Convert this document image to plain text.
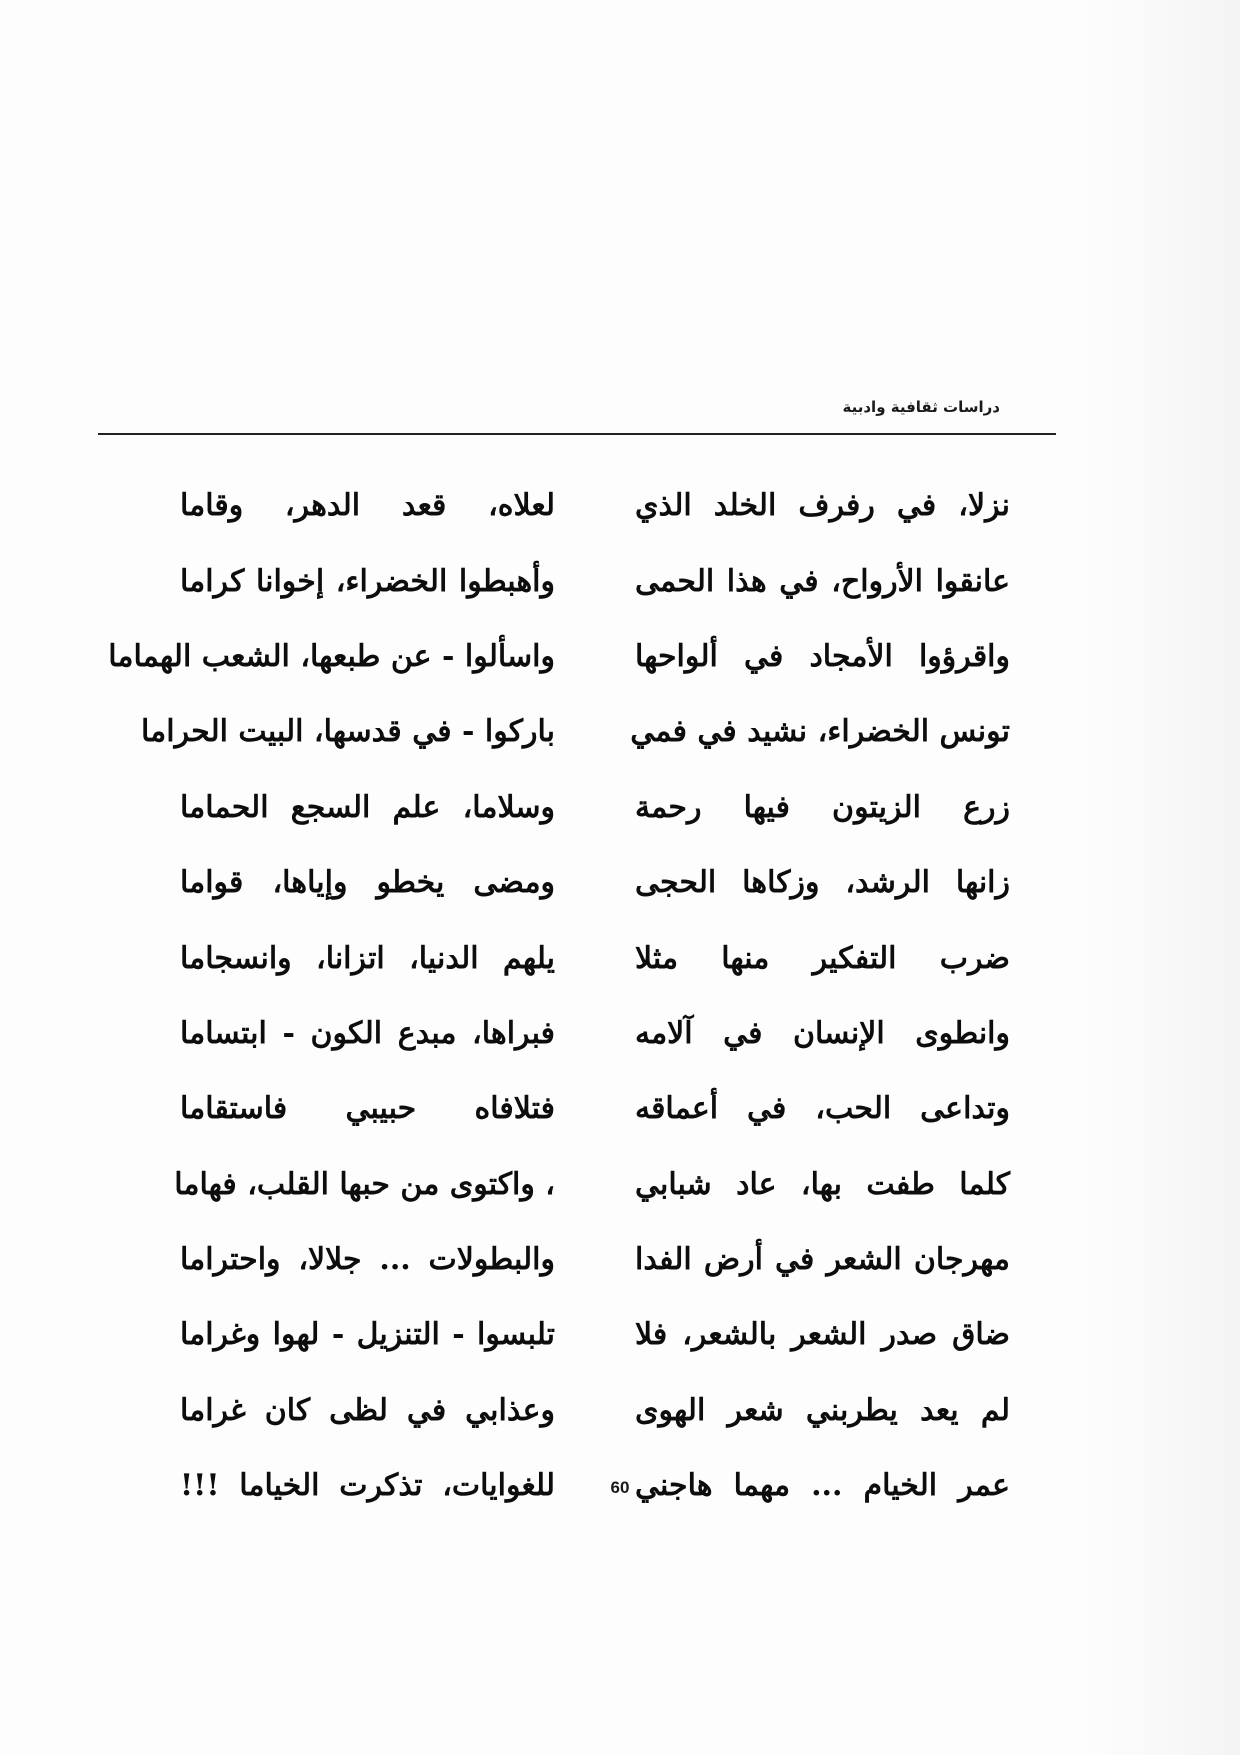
دراسات ثقافية وادبية
نزلا، في رفرف الخلد الذي
لعلاه، قعد الدهر، وقاما
عانقوا الأرواح، في هذا الحمى
وأهبطوا الخضراء، إخوانا كراما
واقرؤوا الأمجاد في ألواحها
واسألوا - عن طبعها، الشعب الهماما
تونس الخضراء، نشيد في فمي
باركوا - في قدسها، البيت الحراما
زرع الزيتون فيها رحمة
وسلاما، علم السجع الحماما
زانها الرشد، وزكاها الحجى
ومضى يخطو وإياها، قواما
ضرب التفكير منها مثلا
يلهم الدنيا، اتزانا، وانسجاما
وانطوى الإنسان في آلامه
فبراها، مبدع الكون - ابتساما
وتداعى الحب، في أعماقه
فتلافاه حبيبي فاستقاما
كلما طفت بها، عاد شبابي
، واكتوى من حبها القلب، فهاما
مهرجان الشعر في أرض الفدا
والبطولات ... جلالا، واحتراما
ضاق صدر الشعر بالشعر، فلا
تلبسوا - التنزيل - لهوا وغراما
لم يعد يطربني شعر الهوى
وعذابي في لظى كان غراما
عمر الخيام ... مهما هاجني
للغوايات، تذكرت الخياما !!!	60
